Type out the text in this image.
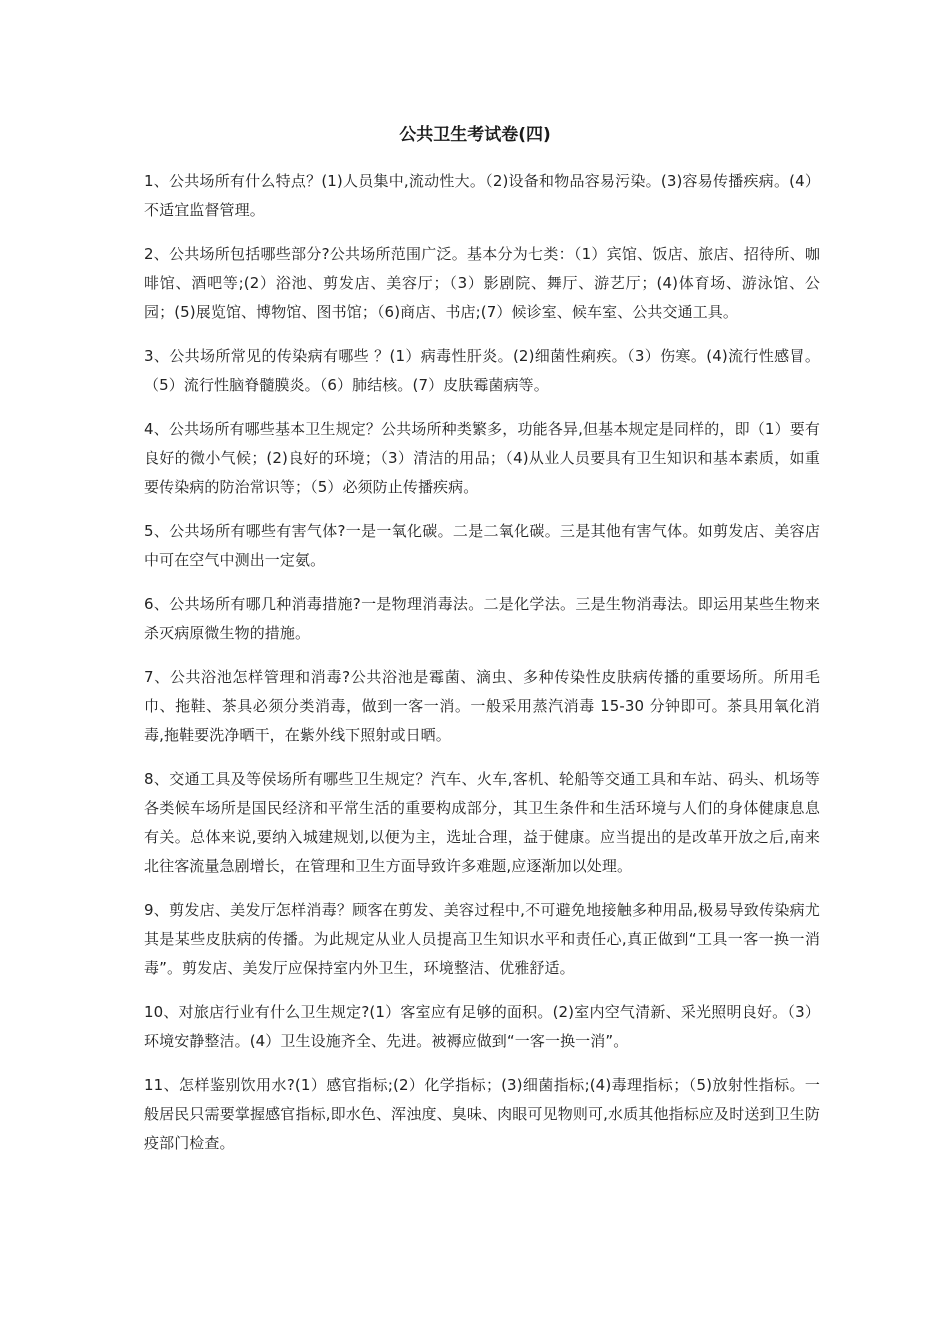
公共卫生考试卷(四)

1、公共场所有什么特点？(1)人员集中,流动性大。（2)设备和物品容易污染。(3)容易传播疾病。(4）不适宜监督管理。

2、公共场所包括哪些部分?公共场所范围广泛。基本分为七类：（1）宾馆、饭店、旅店、招待所、咖啡馆、酒吧等;(2）浴池、剪发店、美容厅；（3）影剧院、舞厅、游艺厅；(4)体育场、游泳馆、公园；(5)展览馆、博物馆、图书馆；（6)商店、书店;(7）候诊室、候车室、公共交通工具。

3、公共场所常见的传染病有哪些 ？(1）病毒性肝炎。(2)细菌性痢疾。（3）伤寒。(4)流行性感冒。（5）流行性脑脊髓膜炎。（6）肺结核。(7）皮肤霉菌病等。

4、公共场所有哪些基本卫生规定？公共场所种类繁多，功能各异,但基本规定是同样的，即（1）要有良好的微小气候；(2)良好的环境；（3）清洁的用品；（4)从业人员要具有卫生知识和基本素质，如重要传染病的防治常识等；（5）必须防止传播疾病。

5、公共场所有哪些有害气体?一是一氧化碳。二是二氧化碳。三是其他有害气体。如剪发店、美容店中可在空气中测出一定氨。

6、公共场所有哪几种消毒措施?一是物理消毒法。二是化学法。三是生物消毒法。即运用某些生物来杀灭病原微生物的措施。

7、公共浴池怎样管理和消毒?公共浴池是霉菌、滴虫、多种传染性皮肤病传播的重要场所。所用毛巾、拖鞋、茶具必须分类消毒，做到一客一消。一般采用蒸汽消毒 15-30 分钟即可。茶具用氧化消毒,拖鞋要洗净晒干，在紫外线下照射或日晒。

8、交通工具及等侯场所有哪些卫生规定？汽车、火车,客机、轮船等交通工具和车站、码头、机场等各类候车场所是国民经济和平常生活的重要构成部分，其卫生条件和生活环境与人们的身体健康息息有关。总体来说,要纳入城建规划,以便为主，选址合理，益于健康。应当提出的是改革开放之后,南来北往客流量急剧增长，在管理和卫生方面导致许多难题,应逐渐加以处理。

9、剪发店、美发厅怎样消毒？顾客在剪发、美容过程中,不可避免地接触多种用品,极易导致传染病尤其是某些皮肤病的传播。为此规定从业人员提高卫生知识水平和责任心,真正做到“工具一客一换一消毒”。剪发店、美发厅应保持室内外卫生，环境整洁、优雅舒适。

10、对旅店行业有什么卫生规定?(1）客室应有足够的面积。(2)室内空气清新、采光照明良好。（3）环境安静整洁。(4）卫生设施齐全、先进。被褥应做到“一客一换一消”。

11、怎样鉴别饮用水?(1）感官指标;(2）化学指标；(3)细菌指标;(4)毒理指标；（5)放射性指标。一般居民只需要掌握感官指标,即水色、浑浊度、臭味、肉眼可见物则可,水质其他指标应及时送到卫生防疫部门检查。
